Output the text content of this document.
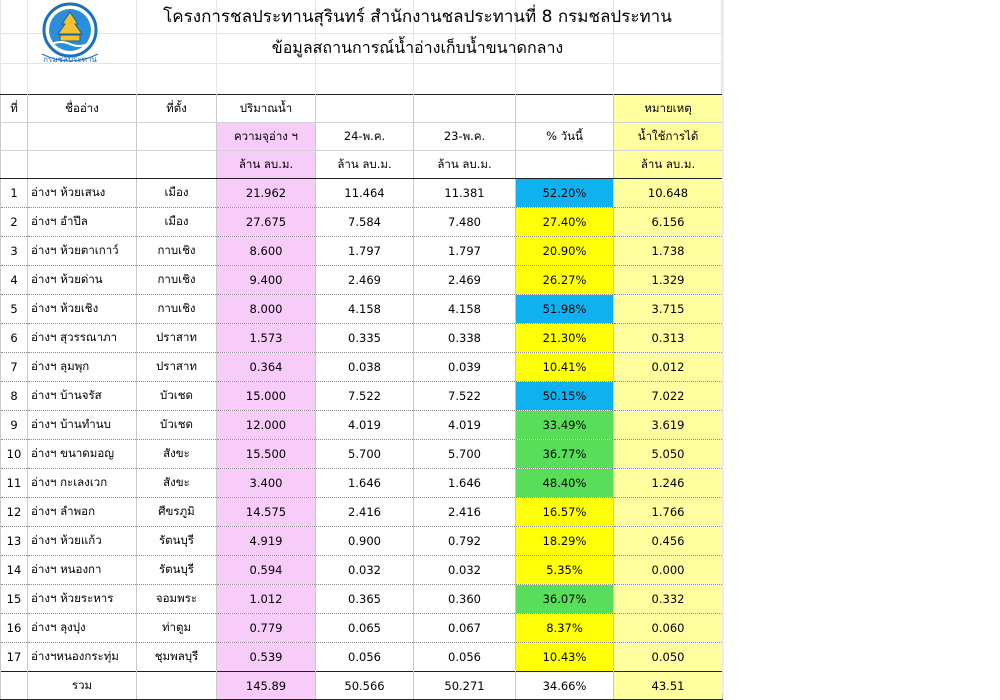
กรมชลประทาน
โครงการชลประทานสุรินทร์ สำนักงานชลประทานที่ 8 กรมชลประทาน
ข้อมูลสถานการณ์น้ำอ่างเก็บน้ำขนาดกลาง
ที่	ชื่ออ่าง	ที่ตั้ง	ปริมาณน้ำ				หมายเหตุ
			ความจุอ่าง ฯ	24-พ.ค.	23-พ.ค.	% วันนี้	น้ำใช้การได้
			ล้าน ลบ.ม.	ล้าน ลบ.ม.	ล้าน ลบ.ม.		ล้าน ลบ.ม.
1	อ่างฯ ห้วยเสนง	เมือง	21.962	11.464	11.381	52.20%	10.648
2	อ่างฯ อำปึล	เมือง	27.675	7.584	7.480	27.40%	6.156
3	อ่างฯ ห้วยตาเกาว์	กาบเชิง	8.600	1.797	1.797	20.90%	1.738
4	อ่างฯ ห้วยด่าน	กาบเชิง	9.400	2.469	2.469	26.27%	1.329
5	อ่างฯ ห้วยเชิง	กาบเชิง	8.000	4.158	4.158	51.98%	3.715
6	อ่างฯ สุวรรณาภา	ปราสาท	1.573	0.335	0.338	21.30%	0.313
7	อ่างฯ ลุมพุก	ปราสาท	0.364	0.038	0.039	10.41%	0.012
8	อ่างฯ บ้านจรัส	บัวเชด	15.000	7.522	7.522	50.15%	7.022
9	อ่างฯ บ้านทำนบ	บัวเชด	12.000	4.019	4.019	33.49%	3.619
10	อ่างฯ ขนาดมอญ	สังขะ	15.500	5.700	5.700	36.77%	5.050
11	อ่างฯ กะเลงเวก	สังขะ	3.400	1.646	1.646	48.40%	1.246
12	อ่างฯ ลำพอก	ศีขรภูมิ	14.575	2.416	2.416	16.57%	1.766
13	อ่างฯ ห้วยแก้ว	รัตนบุรี	4.919	0.900	0.792	18.29%	0.456
14	อ่างฯ หนองกา	รัตนบุรี	0.594	0.032	0.032	5.35%	0.000
15	อ่างฯ ห้วยระหาร	จอมพระ	1.012	0.365	0.360	36.07%	0.332
16	อ่างฯ ลุงปุง	ท่าตูม	0.779	0.065	0.067	8.37%	0.060
17	อ่างฯหนองกระทุ่ม	ชุมพลบุรี	0.539	0.056	0.056	10.43%	0.050
	รวม		145.89	50.566	50.271	34.66%	43.51
